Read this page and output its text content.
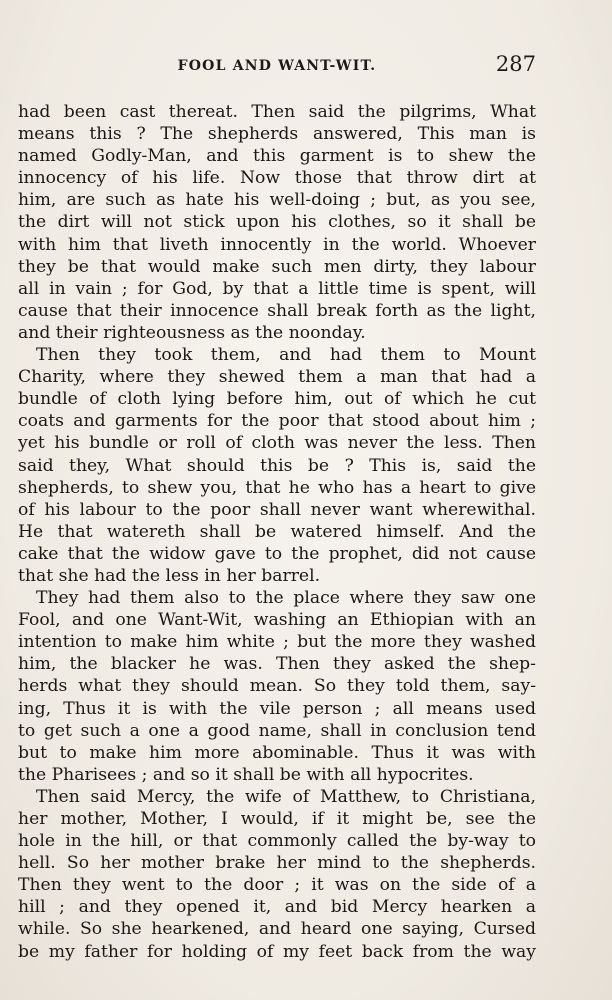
FOOL AND WANT-WIT.	287
had been cast thereat. Then said the pilgrims, What
means this ? The shepherds answered, This man is
named Godly-Man, and this garment is to shew the
innocency of his life. Now those that throw dirt at
him, are such as hate his well-doing ; but, as you see,
the dirt will not stick upon his clothes, so it shall be
with him that liveth innocently in the world. Whoever
they be that would make such men dirty, they labour
all in vain ; for God, by that a little time is spent, will
cause that their innocence shall break forth as the light,
and their righteousness as the noonday.
Then they took them, and had them to Mount
Charity, where they shewed them a man that had a
bundle of cloth lying before him, out of which he cut
coats and garments for the poor that stood about him ;
yet his bundle or roll of cloth was never the less. Then
said they, What should this be ? This is, said the
shepherds, to shew you, that he who has a heart to give
of his labour to the poor shall never want wherewithal.
He that watereth shall be watered himself. And the
cake that the widow gave to the prophet, did not cause
that she had the less in her barrel.
They had them also to the place where they saw one
Fool, and one Want-Wit, washing an Ethiopian with an
intention to make him white ; but the more they washed
him, the blacker he was. Then they asked the shep-
herds what they should mean. So they told them, say-
ing, Thus it is with the vile person ; all means used
to get such a one a good name, shall in conclusion tend
but to make him more abominable. Thus it was with
the Pharisees ; and so it shall be with all hypocrites.
Then said Mercy, the wife of Matthew, to Christiana,
her mother, Mother, I would, if it might be, see the
hole in the hill, or that commonly called the by-way to
hell. So her mother brake her mind to the shepherds.
Then they went to the door ; it was on the side of a
hill ; and they opened it, and bid Mercy hearken a
while. So she hearkened, and heard one saying, Cursed
be my father for holding of my feet back from the way
